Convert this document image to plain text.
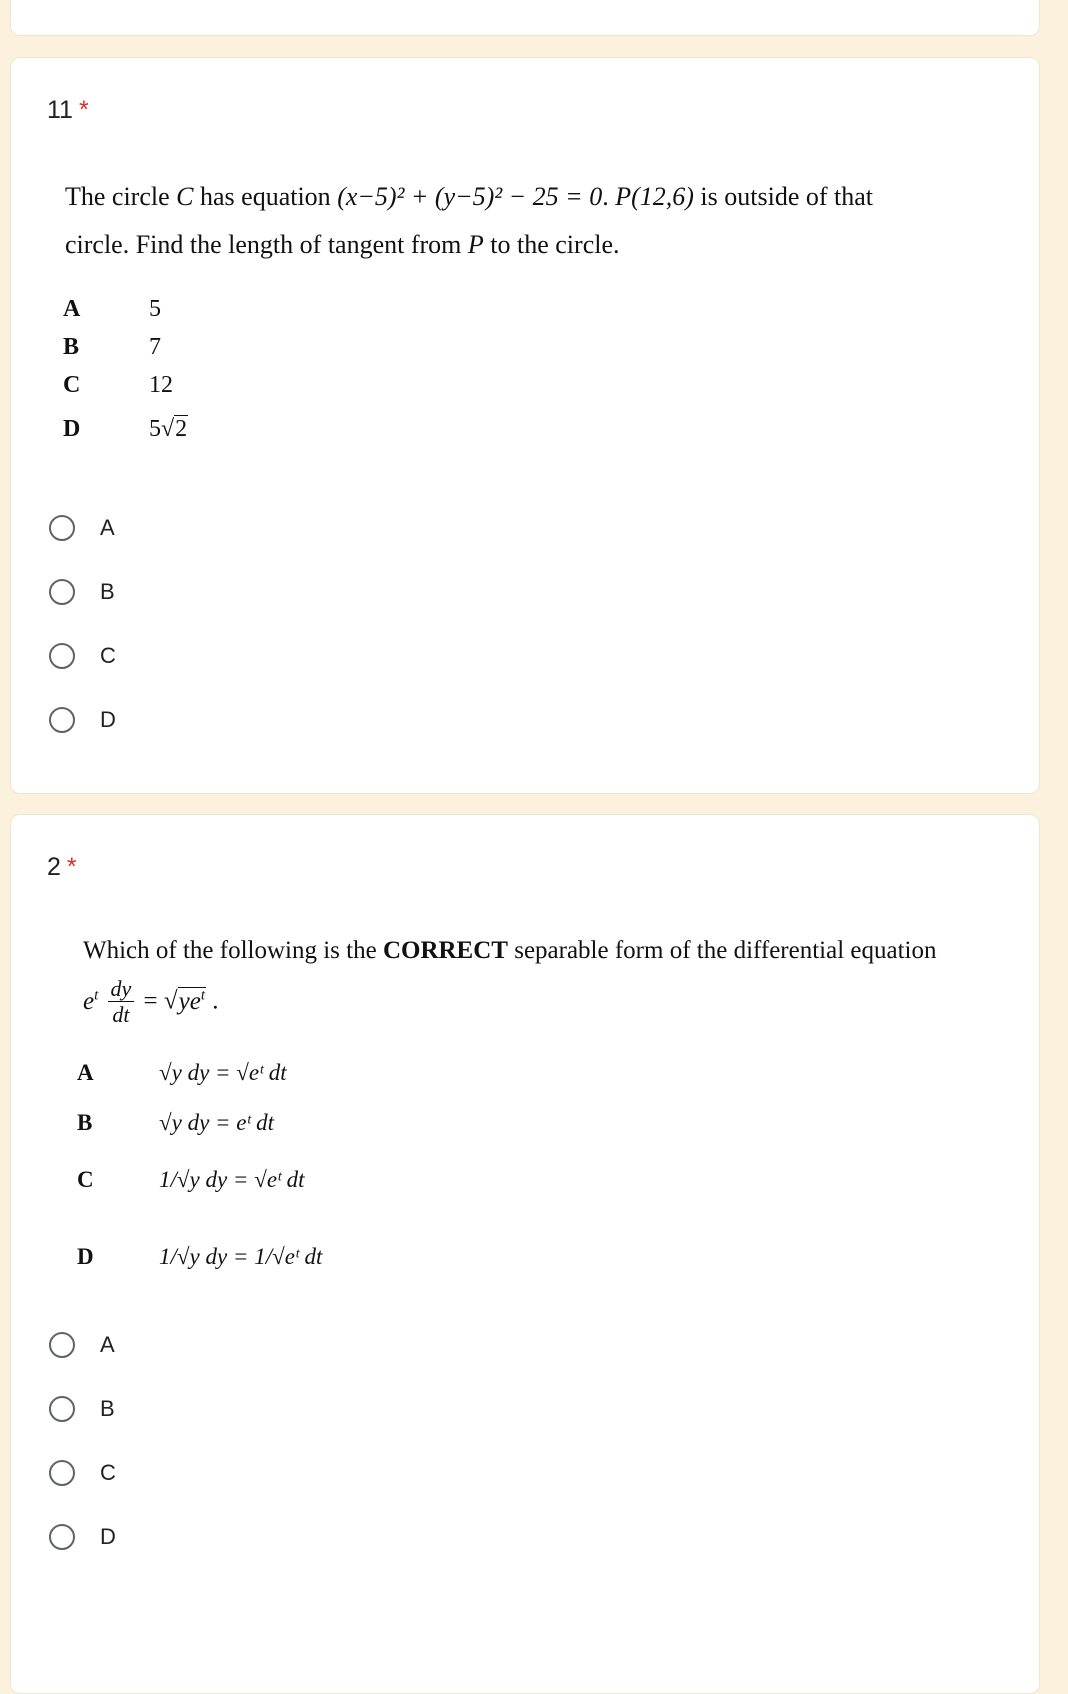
11 *
The circle C has equation (x−5)² + (y−5)² − 25 = 0. P(12,6) is outside of that
circle. Find the length of tangent from P to the circle.
A	5
B	7
C	12
D	5√2
A
B
C
D
2 *
Which of the following is the CORRECT separable form of the differential equation
$e^t \frac{dy}{dt} = √ye^t$ .
A	√y dy = √eᵗ dt
B	√y dy = eᵗ dt
C	1/√y dy = √eᵗ dt
D	1/√y dy = 1/√eᵗ dt
A
B
C
D
